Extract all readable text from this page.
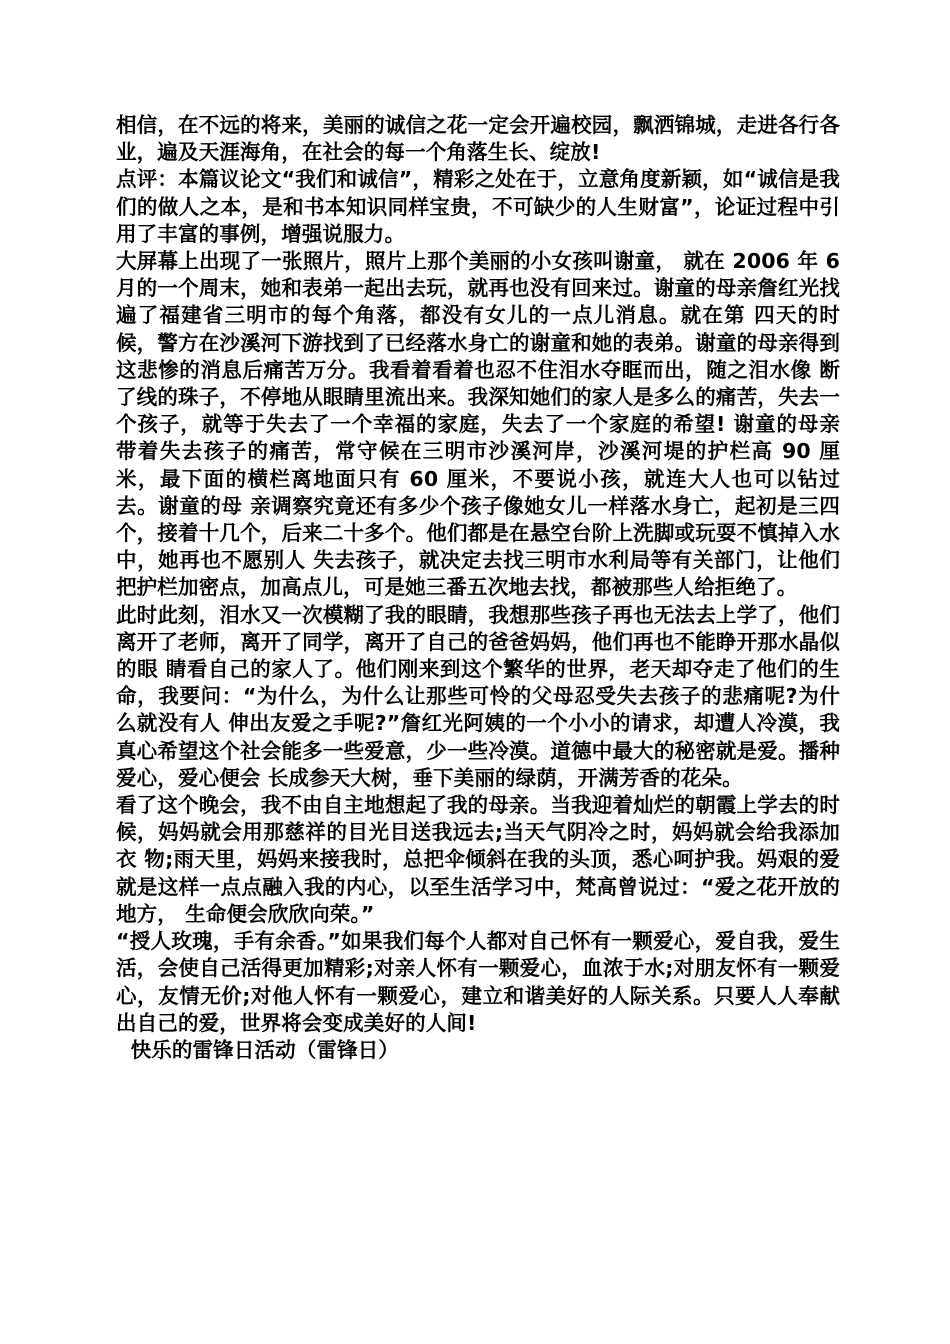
相信，在不远的将来，美丽的诚信之花一定会开遍校园，飘洒锦城，走进各行各业，遍及天涯海角，在社会的每一个角落生长、绽放!

点评：本篇议论文“我们和诚信”，精彩之处在于，立意角度新颖，如“诚信是我们的做人之本，是和书本知识同样宝贵，不可缺少的人生财富”，论证过程中引用了丰富的事例，增强说服力。

大屏幕上出现了一张照片，照片上那个美丽的小女孩叫谢童， 就在 2006 年 6 月的一个周末，她和表弟一起出去玩，就再也没有回来过。谢童的母亲詹红光找遍了福建省三明市的每个角落，都没有女儿的一点儿消息。就在第 四天的时候，警方在沙溪河下游找到了已经落水身亡的谢童和她的表弟。谢童的母亲得到这悲惨的消息后痛苦万分。我看着看着也忍不住泪水夺眶而出，随之泪水像 断了线的珠子，不停地从眼睛里流出来。我深知她们的家人是多么的痛苦，失去一个孩子，就等于失去了一个幸福的家庭，失去了一个家庭的希望! 谢童的母亲 带着失去孩子的痛苦，常守候在三明市沙溪河岸，沙溪河堤的护栏高 90 厘米，最下面的横栏离地面只有 60 厘米，不要说小孩，就连大人也可以钻过去。谢童的母 亲调察究竟还有多少个孩子像她女儿一样落水身亡，起初是三四个，接着十几个，后来二十多个。他们都是在悬空台阶上洗脚或玩耍不慎掉入水中，她再也不愿别人 失去孩子，就决定去找三明市水利局等有关部门，让他们把护栏加密点，加高点儿，可是她三番五次地去找，都被那些人给拒绝了。

此时此刻，泪水又一次模糊了我的眼睛，我想那些孩子再也无法去上学了，他们离开了老师，离开了同学，离开了自己的爸爸妈妈，他们再也不能睁开那水晶似的眼 睛看自己的家人了。他们刚来到这个繁华的世界，老天却夺走了他们的生命，我要问：“为什么，为什么让那些可怜的父母忍受失去孩子的悲痛呢?为什么就没有人 伸出友爱之手呢?”詹红光阿姨的一个小小的请求，却遭人冷漠，我真心希望这个社会能多一些爱意，少一些冷漠。道德中最大的秘密就是爱。播种爱心，爱心便会 长成参天大树，垂下美丽的绿荫，开满芳香的花朵。

看了这个晚会，我不由自主地想起了我的母亲。当我迎着灿烂的朝霞上学去的时候，妈妈就会用那慈祥的目光目送我远去;当天气阴冷之时，妈妈就会给我添加衣 物;雨天里，妈妈来接我时，总把伞倾斜在我的头顶，悉心呵护我。妈艰的爱就是这样一点点融入我的内心，以至生活学习中，梵高曾说过：“爱之花开放的地方， 生命便会欣欣向荣。”

“授人玫瑰，手有余香。”如果我们每个人都对自己怀有一颗爱心，爱自我，爱生活，会使自己活得更加精彩;对亲人怀有一颗爱心，血浓于水;对朋友怀有一颗爱心，友情无价;对他人怀有一颗爱心，建立和谐美好的人际关系。只要人人奉献出自己的爱，世界将会变成美好的人间!

快乐的雷锋日活动（雷锋日）
